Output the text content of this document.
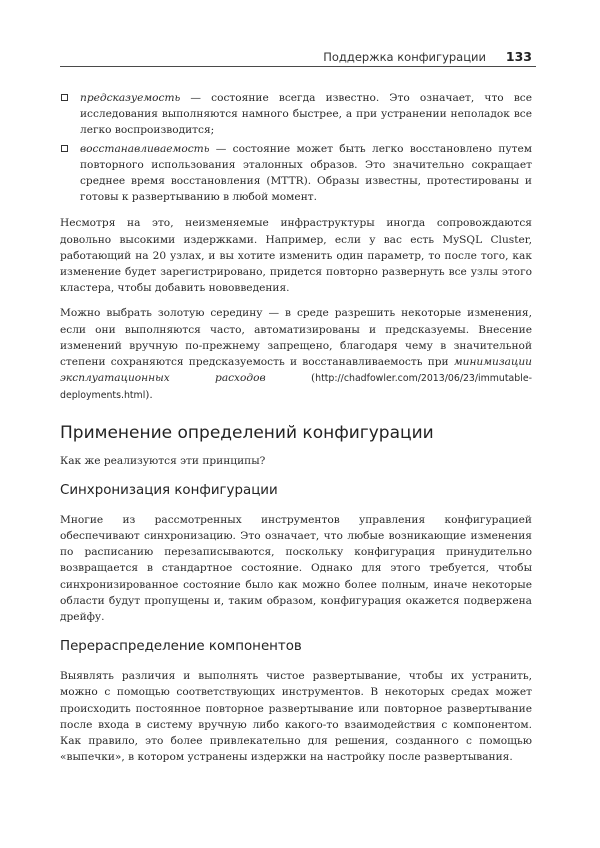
Поддержка конфигурации 133
предсказуемость — состояние всегда известно. Это означает, что все исследования выполняются намного быстрее, а при устранении неполадок все легко воспроизводится;
восстанавливаемость — состояние может быть легко восстановлено путем повторного использования эталонных образов. Это значительно сокращает среднее время восстановления (MTTR). Образы известны, протестированы и готовы к развертыванию в любой момент.

Несмотря на это, неизменяемые инфраструктуры иногда сопровождаются довольно высокими издержками. Например, если у вас есть MySQL Cluster, работающий на 20 узлах, и вы хотите изменить один параметр, то после того, как изменение будет зарегистрировано, придется повторно развернуть все узлы этого кластера, чтобы добавить нововведения.

Можно выбрать золотую середину — в среде разрешить некоторые изменения, если они выполняются часто, автоматизированы и предсказуемы. Внесение изменений вручную по-прежнему запрещено, благодаря чему в значительной степени сохраняются предсказуемость и восстанавливаемость при минимизации эксплуатационных расходов (http://chadfowler.com/2013/06/23/immutable-deployments.html).

Применение определений конфигурации

Как же реализуются эти принципы?

Синхронизация конфигурации

Многие из рассмотренных инструментов управления конфигурацией обеспечивают синхронизацию. Это означает, что любые возникающие изменения по расписанию перезаписываются, поскольку конфигурация принудительно возвращается в стандартное состояние. Однако для этого требуется, чтобы синхронизированное состояние было как можно более полным, иначе некоторые области будут пропущены и, таким образом, конфигурация окажется подвержена дрейфу.

Перераспределение компонентов

Выявлять различия и выполнять чистое развертывание, чтобы их устранить, можно с помощью соответствующих инструментов. В некоторых средах может происходить постоянное повторное развертывание или повторное развертывание после входа в систему вручную либо какого-то взаимодействия с компонентом. Как правило, это более привлекательно для решения, созданного с помощью «выпечки», в котором устранены издержки на настройку после развертывания.
